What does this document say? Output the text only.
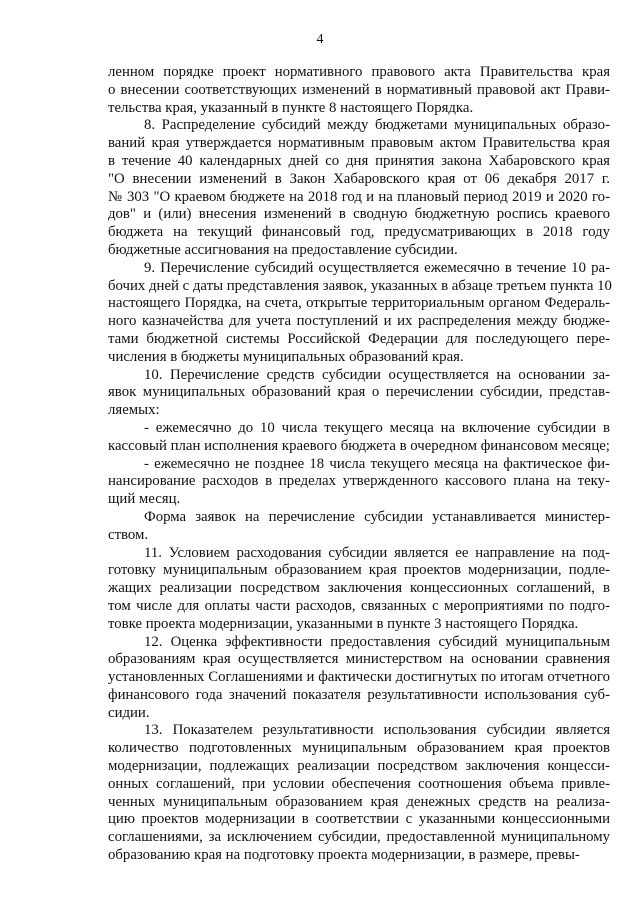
4
ленном порядке проект нормативного правового акта Правительства края
о внесении соответствующих изменений в нормативный правовой акт Прави-
тельства края, указанный в пункте 8 настоящего Порядка.
8. Распределение субсидий между бюджетами муниципальных образо-
ваний края утверждается нормативным правовым актом Правительства края
в течение 40 календарных дней со дня принятия закона Хабаровского края
"О внесении изменений в Закон Хабаровского края от 06 декабря 2017 г.
№ 303 "О краевом бюджете на 2018 год и на плановый период 2019 и 2020 го-
дов" и (или) внесения изменений в сводную бюджетную роспись краевого
бюджета на текущий финансовый год, предусматривающих в 2018 году
бюджетные ассигнования на предоставление субсидии.
9. Перечисление субсидий осуществляется ежемесячно в течение 10 ра-
бочих дней с даты представления заявок, указанных в абзаце третьем пункта 10
настоящего Порядка, на счета, открытые территориальным органом Федераль-
ного казначейства для учета поступлений и их распределения между бюдже-
тами бюджетной системы Российской Федерации для последующего пере-
числения в бюджеты муниципальных образований края.
10. Перечисление средств субсидии осуществляется на основании за-
явок муниципальных образований края о перечислении субсидии, представ-
ляемых:
- ежемесячно до 10 числа текущего месяца на включение субсидии в
кассовый план исполнения краевого бюджета в очередном финансовом месяце;
- ежемесячно не позднее 18 числа текущего месяца на фактическое фи-
нансирование расходов в пределах утвержденного кассового плана на теку-
щий месяц.
Форма заявок на перечисление субсидии устанавливается министер-
ством.
11. Условием расходования субсидии является ее направление на под-
готовку муниципальным образованием края проектов модернизации, подле-
жащих реализации посредством заключения концессионных соглашений, в
том числе для оплаты части расходов, связанных с мероприятиями по подго-
товке проекта модернизации, указанными в пункте 3 настоящего Порядка.
12. Оценка эффективности предоставления субсидий муниципальным
образованиям края осуществляется министерством на основании сравнения
установленных Соглашениями и фактически достигнутых по итогам отчетного
финансового года значений показателя результативности использования суб-
сидии.
13. Показателем результативности использования субсидии является
количество подготовленных муниципальным образованием края проектов
модернизации, подлежащих реализации посредством заключения концесси-
онных соглашений, при условии обеспечения соотношения объема привле-
ченных муниципальным образованием края денежных средств на реализа-
цию проектов модернизации в соответствии с указанными концессионными
соглашениями, за исключением субсидии, предоставленной муниципальному
образованию края на подготовку проекта модернизации, в размере, превы-
